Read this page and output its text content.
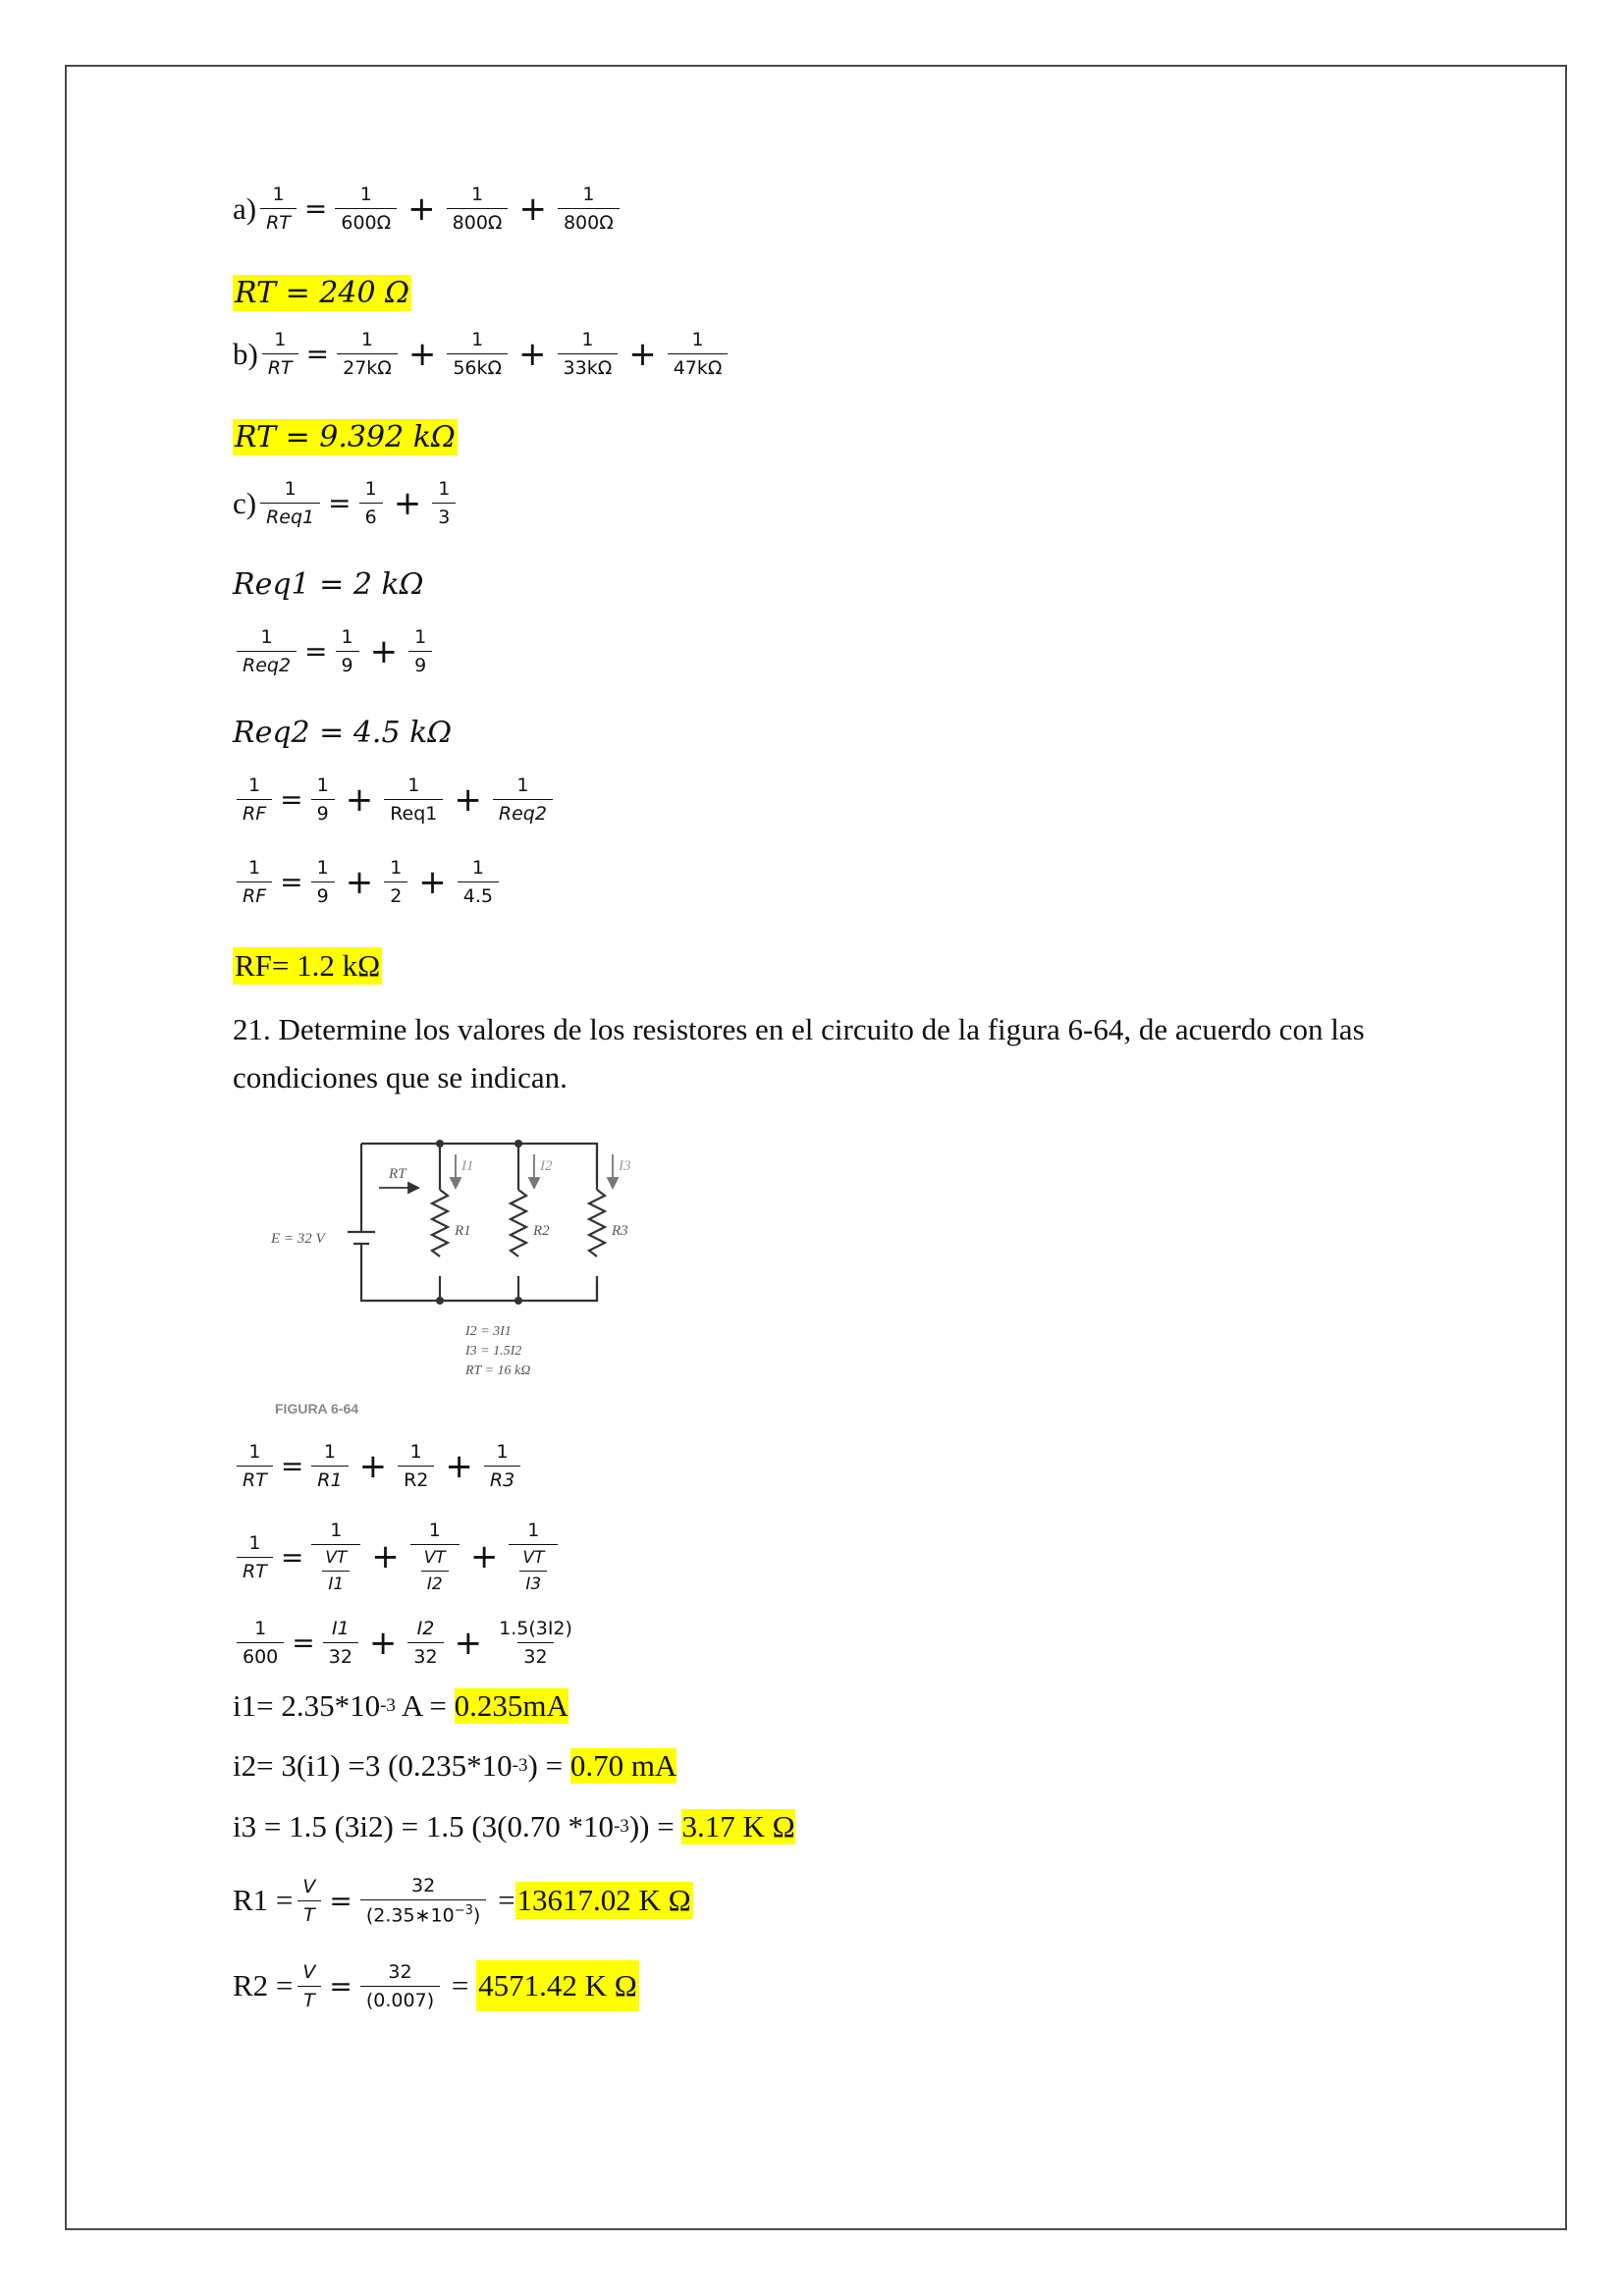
$a) \frac{1}{RT} = \frac{1}{600\Omega} + \frac{1}{800\Omega} + \frac{1}{800\Omega}$
RT = 240 Ω
$b) \frac{1}{RT} = \frac{1}{27k\Omega} + \frac{1}{56k\Omega} + \frac{1}{33k\Omega} + \frac{1}{47k\Omega}$
RT = 9.392 kΩ
$c) \frac{1}{\text{Req1}} = \frac{1}{6} + \frac{1}{3}$
Req1 = 2 kΩ
$\frac{1}{\text{Req2}} = \frac{1}{9} + \frac{1}{9}$
Req2 = 4.5 kΩ
$\frac{1}{RF} = \frac{1}{9} + \frac{1}{\text{Req1}} + \frac{1}{\text{Req2}}$
$\frac{1}{RF} = \frac{1}{9} + \frac{1}{2} + \frac{1}{4.5}$
RF= 1.2 kΩ
21. Determine los valores de los resistores en el circuito de la figura 6-64, de acuerdo con las condiciones que se indican.
E = 32 V
RT
R1	R2	R3
I1	I2	I3
I2 = 3I1
I3 = 1.5I2
RT = 16 kΩ
FIGURA 6-64
$\frac{1}{RT} = \frac{1}{R1} + \frac{1}{R2} + \frac{1}{R3}$
$\frac{1}{RT} = \frac{1}{\frac{VT}{I1}} + \frac{1}{\frac{VT}{I2}} + \frac{1}{\frac{VT}{I3}}$
$\frac{1}{600} = \frac{I1}{32} + \frac{I2}{32} + \frac{1.5(3I2)}{32}$
i1= 2.35*10 -3 A = 0.235mA
i2= 3(i1) =3 (0.235*10 -3 ) = 0.70 mA
i3 = 1.5 (3i2) = 1.5 (3(0.70 *10 -3 )) = 3.17 K Ω
$R1 = \frac{V}{T} = \frac{32}{(2.35∗10^{-3})} = 13617.02$ K Ω
$R2 = \frac{V}{T} = \frac{32}{(0.007)} = 4571.42$ K Ω
